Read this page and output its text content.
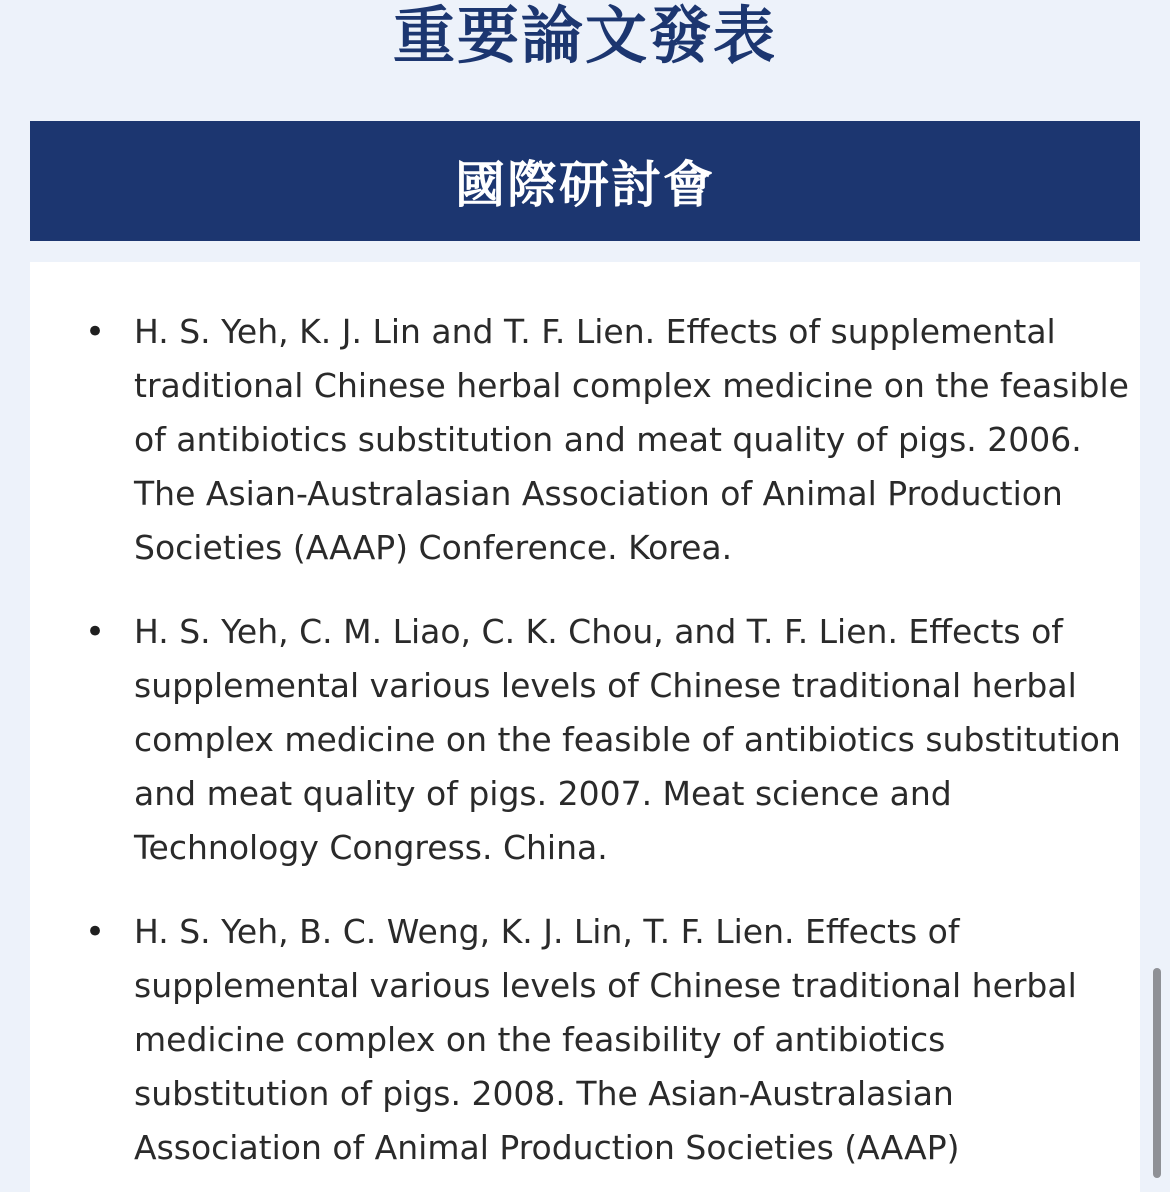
重要論文發表
國際研討會
• H. S. Yeh, K. J. Lin and T. F. Lien. Effects of supplemental
traditional Chinese herbal complex medicine on the feasible
of antibiotics substitution and meat quality of pigs. 2006.
The Asian-Australasian Association of Animal Production
Societies (AAAP) Conference. Korea.
• H. S. Yeh, C. M. Liao, C. K. Chou, and T. F. Lien. Effects of
supplemental various levels of Chinese traditional herbal
complex medicine on the feasible of antibiotics substitution
and meat quality of pigs. 2007. Meat science and
Technology Congress. China.
• H. S. Yeh, B. C. Weng, K. J. Lin, T. F. Lien. Effects of
supplemental various levels of Chinese traditional herbal
medicine complex on the feasibility of antibiotics
substitution of pigs. 2008. The Asian-Australasian
Association of Animal Production Societies (AAAP)
